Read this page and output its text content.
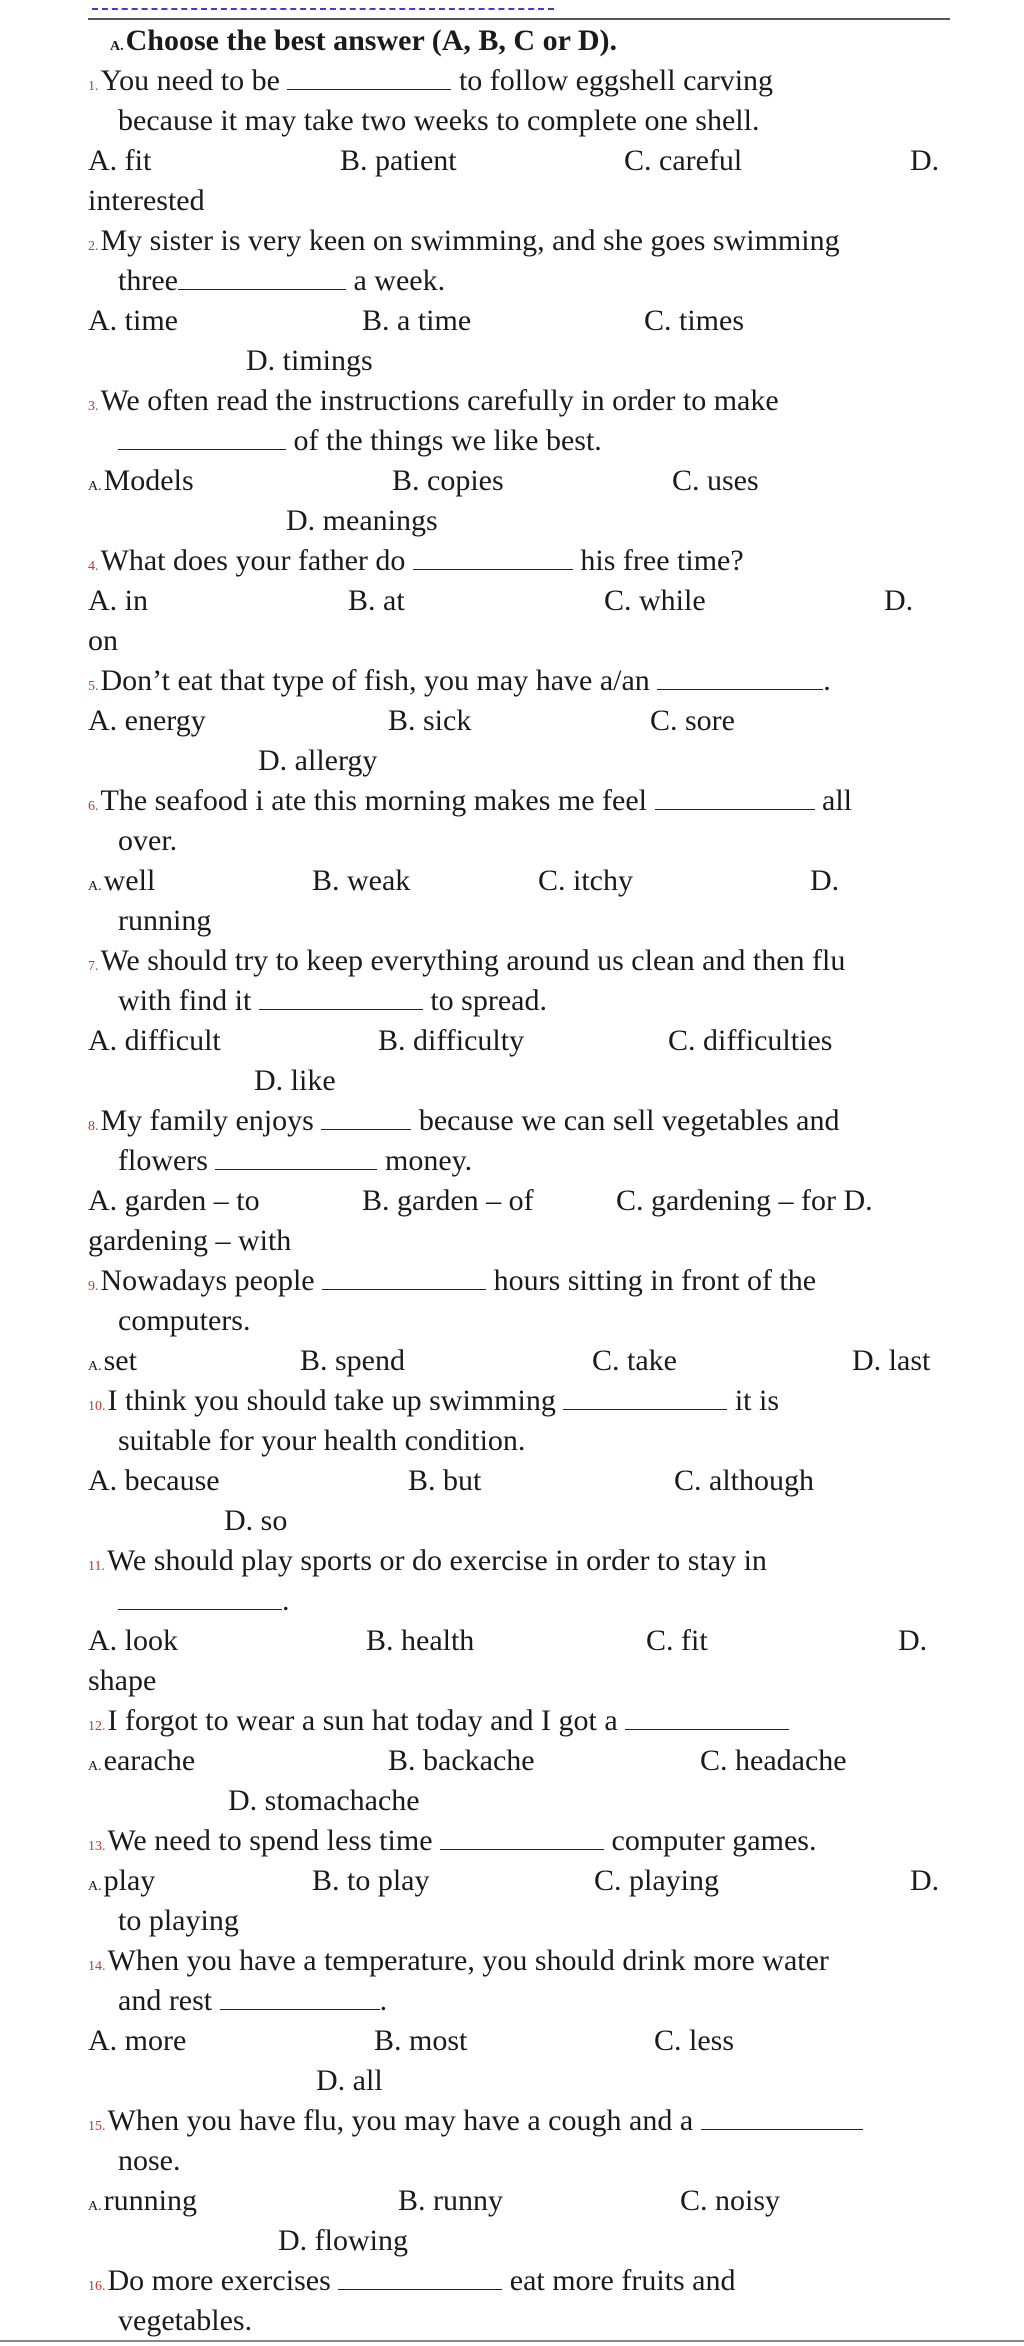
A.Choose the best answer (A, B, C or D).
1.You need to be	to follow eggshell carving
because it may take two weeks to complete one shell.
A. fit	B. patient	C. careful	D.
interested
2.My sister is very keen on swimming, and she goes swimming
three	a week.
A. time	B. a time	C. times
D. timings
3.We often read the instructions carefully in order to make
of the things we like best.
A.Models	B. copies	C. uses
D. meanings
4.What does your father do	his free time?
A. in	B. at	C. while	D.
on
5.Don’t eat that type of fish, you may have a/an	.
A. energy	B. sick	C. sore
D. allergy
6.The seafood i ate this morning makes me feel	all
over.
A.well	B. weak	C. itchy	D.
running
7.We should try to keep everything around us clean and then flu
with find it	to spread.
A. difficult	B. difficulty	C. difficulties
D. like
8.My family enjoys	because we can sell vegetables and
flowers	money.
A. garden – to	B. garden – of	C. gardening – for D.
gardening – with
9.Nowadays people	hours sitting in front of the
computers.
A.set	B. spend	C. take	D. last
10.I think you should take up swimming	it is
suitable for your health condition.
A. because	B. but	C. although
D. so
11.We should play sports or do exercise in order to stay in
.
A. look	B. health	C. fit	D.
shape
12.I forgot to wear a sun hat today and I got a
A.earache	B. backache	C. headache
D. stomachache
13.We need to spend less time	computer games.
A.play	B. to play	C. playing	D.
to playing
14.When you have a temperature, you should drink more water
and rest	.
A. more	B. most	C. less
D. all
15.When you have flu, you may have a cough and a
nose.
A.running	B. runny	C. noisy
D. flowing
16.Do more exercises	eat more fruits and
vegetables.
